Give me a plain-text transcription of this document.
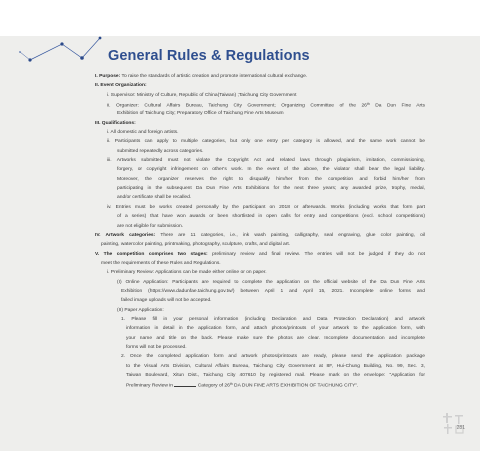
General Rules & Regulations
I. Purpose: To raise the standards of artistic creation and promote international cultural exchange.
II. Event Organization:
i. Supervisor: Ministry of Culture, Republic of China(Taiwan) ;Taichung City Government
ii. Organizer: Cultural Affairs Bureau, Taichung City Government; Organizing Committee of the 26th Da Dun Fine Arts
Exhibition of Taichung City; Preparatory Office of Taichung Fine Arts Museum
III. Qualifications:
i. All domestic and foreign artists.
ii. Participants can apply to multiple categories, but only one entry per category is allowed, and the same work cannot be
submitted repeatedly across categories.
iii. Artworks submitted must not violate the Copyright Act and related laws through plagiarism, imitation, commissioning,
forgery, or copyright infringement on other's work. In the event of the above, the violator shall bear the legal liability.
Moreover, the organizer reserves the right to disqualify him/her from the competition and forbid him/her from
participating in the subsequent Da Dun Fine Arts Exhibitions for the next three years; any awarded prize, trophy, medal,
and/or certificate shall be recalled.
iv. Entries must be works created personally by the participant on 2018 or afterwards. Works (including works that form part
of a series) that have won awards or been shortlisted in open calls for entry and competitions (excl. school competitions)
are not eligible for submission.
IV. Artwork categories: There are 11 categories, i.e., ink wash painting, calligraphy, seal engraving, glue color painting, oil
painting, watercolor painting, printmaking, photography, sculpture, crafts, and digital art.
V. The competition comprises two stages: preliminary review and final review. The entries will not be judged if they do not
meet the requirements of these Rules and Regulations.
i. Preliminary Review: Applications can be made either online or on paper.
(I) Online Application: Participants are required to complete the application on the official website of the Da Dun Fine Arts
Exhibition (https://www.dadunfae.taichung.gov.tw/) between April 1 and April 15, 2021. Incomplete online forms and
failed image uploads will not be accepted.
(II) Paper Application:
1. Please fill in your personal information (including Declaration and Data Protection Declaration) and artwork
information in detail in the application form, and attach photos/printouts of your artwork to the application form, with
your name and title on the back. Please make sure the photos are clear. Incomplete documentation and incomplete
forms will not be processed.
2. Once the completed application form and artwork photos/printouts are ready, please send the application package
to the Visual Arts Division, Cultural Affairs Bureau, Taichung City Government at 8F, Hui-Chung Building, No. 99, Sec. 3,
Taiwan Boulevard, Xitun Dist., Taichung City 407610 by registered mail. Please mark on the envelope: "Application for
Preliminary Review in	Category of 26th DA DUN FINE ARTS EXHIBITION OF TAICHUNG CITY".
281
